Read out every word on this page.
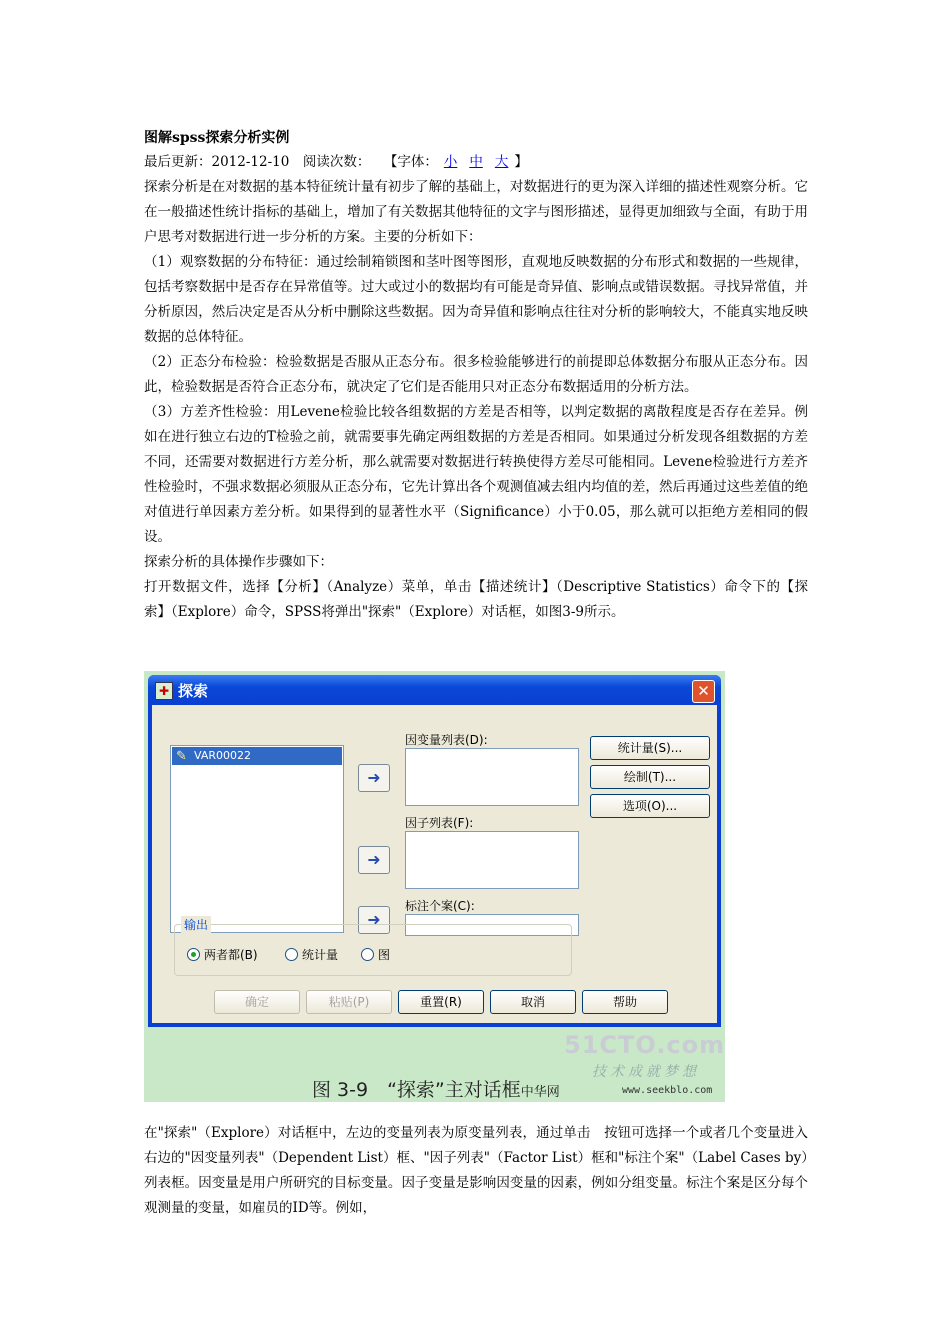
图解spss探索分析实例
最后更新：2012-12-10　阅读次数：　　【字体： 小 中 大 】

探索分析是在对数据的基本特征统计量有初步了解的基础上，对数据进行的更为深入详细的描述性观察分析。它在一般描述性统计指标的基础上，增加了有关数据其他特征的文字与图形描述，显得更加细致与全面，有助于用户思考对数据进行进一步分析的方案。主要的分析如下：

（1）观察数据的分布特征：通过绘制箱锁图和茎叶图等图形，直观地反映数据的分布形式和数据的一些规律，包括考察数据中是否存在异常值等。过大或过小的数据均有可能是奇异值、影响点或错误数据。寻找异常值，并分析原因，然后决定是否从分析中删除这些数据。因为奇异值和影响点往往对分析的影响较大，不能真实地反映数据的总体特征。

（2）正态分布检验：检验数据是否服从正态分布。很多检验能够进行的前提即总体数据分布服从正态分布。因此，检验数据是否符合正态分布，就决定了它们是否能用只对正态分布数据适用的分析方法。

（3）方差齐性检验：用Levene检验比较各组数据的方差是否相等，以判定数据的离散程度是否存在差异。例如在进行独立右边的T检验之前，就需要事先确定两组数据的方差是否相同。如果通过分析发现各组数据的方差不同，还需要对数据进行方差分析，那么就需要对数据进行转换使得方差尽可能相同。Levene检验进行方差齐性检验时，不强求数据必须服从正态分布，它先计算出各个观测值减去组内均值的差，然后再通过这些差值的绝对值进行单因素方差分析。如果得到的显著性水平（Significance）小于0.05，那么就可以拒绝方差相同的假设。

探索分析的具体操作步骤如下：

打开数据文件，选择【分析】（Analyze）菜单，单击【描述统计】（Descriptive Statistics）命令下的【探索】（Explore）命令，SPSS将弹出"探索"（Explore）对话框，如图3-9所示。

✚ 探索	✕
✎ VAR00022
➜
➜
➜
因变量列表(D):
因子列表(F):
标注个案(C):
统计量(S)...
绘制(T)...
选项(O)...
输出
两者都(B)	统计量	图
确定	粘贴(P)	重置(R)	取消	帮助
51CTO.com
技术成就梦想
图 3-9　“探索”主对话框中华网	www.seekblo.com

在"探索"（Explore）对话框中，左边的变量列表为原变量列表，通过单击　按钮可选择一个或者几个变量进入右边的"因变量列表"（Dependent List）框、"因子列表"（Factor List）框和"标注个案"（Label Cases by）列表框。因变量是用户所研究的目标变量。因子变量是影响因变量的因素，例如分组变量。标注个案是区分每个观测量的变量，如雇员的ID等。例如，
